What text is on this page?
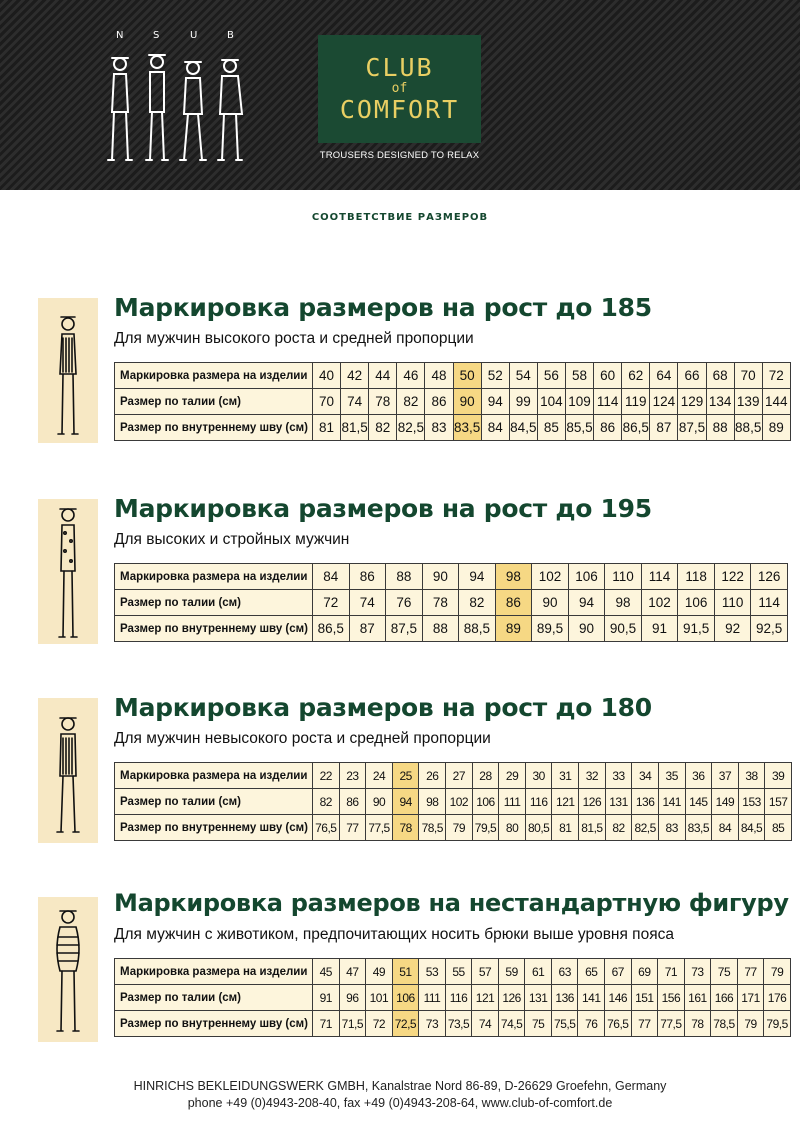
N	S	U	B
CLUB
of
COMFORT
TROUSERS DESIGNED TO RELAX
СООТВЕТСТВИЕ РАЗМЕРОВ
Маркировка размеров на рост до 185
Для мужчин высокого роста и средней пропорции
Маркировка размера на изделии	40	42	44	46	48	50	52	54	56	58	60	62	64	66	68	70	72
Размер по талии (см)	70	74	78	82	86	90	94	99	104	109	114	119	124	129	134	139	144
Размер по внутреннему шву (см)	81	81,5	82	82,5	83	83,5	84	84,5	85	85,5	86	86,5	87	87,5	88	88,5	89
Маркировка размеров на рост до 195
Для высоких и стройных мужчин
Маркировка размера на изделии	84	86	88	90	94	98	102	106	110	114	118	122	126
Размер по талии (см)	72	74	76	78	82	86	90	94	98	102	106	110	114
Размер по внутреннему шву (см)	86,5	87	87,5	88	88,5	89	89,5	90	90,5	91	91,5	92	92,5
Маркировка размеров на рост до 180
Для мужчин невысокого роста и средней пропорции
Маркировка размера на изделии	22	23	24	25	26	27	28	29	30	31	32	33	34	35	36	37	38	39
Размер по талии (см)	82	86	90	94	98	102	106	111	116	121	126	131	136	141	145	149	153	157
Размер по внутреннему шву (см)	76,5	77	77,5	78	78,5	79	79,5	80	80,5	81	81,5	82	82,5	83	83,5	84	84,5	85
Маркировка размеров на нестандартную фигуру
Для мужчин с животиком, предпочитающих носить брюки выше уровня пояса
Маркировка размера на изделии	45	47	49	51	53	55	57	59	61	63	65	67	69	71	73	75	77	79
Размер по талии (см)	91	96	101	106	111	116	121	126	131	136	141	146	151	156	161	166	171	176
Размер по внутреннему шву (см)	71	71,5	72	72,5	73	73,5	74	74,5	75	75,5	76	76,5	77	77,5	78	78,5	79	79,5
HINRICHS BEKLEIDUNGSWERK GMBH, Kanalstrae Nord 86-89, D-26629 Groefehn, Germany
phone +49 (0)4943-208-40, fax +49 (0)4943-208-64, www.club-of-comfort.de
